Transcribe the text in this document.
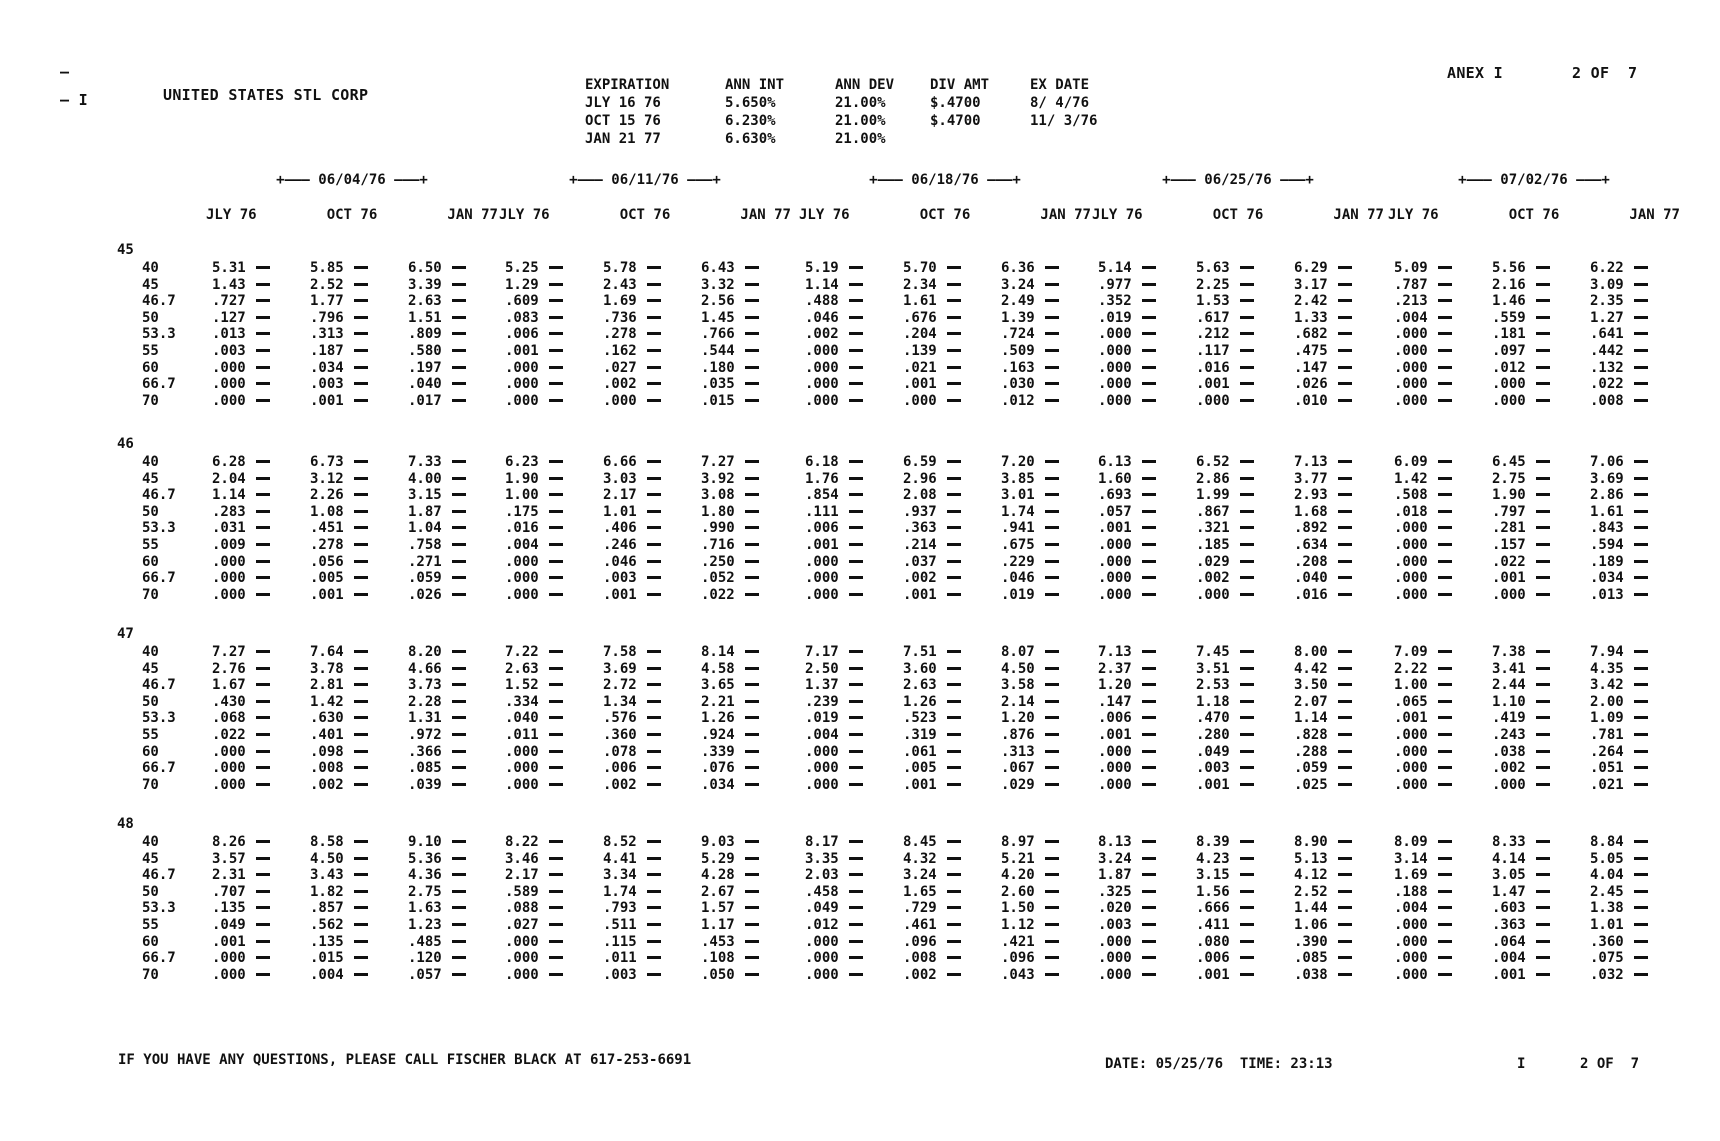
—
— I	UNITED STATES STL CORP
ANEX I	2 OF  7
EXPIRATION	ANN INT	ANN DEV	DIV AMT	EX DATE
JLY 16 76	5.650%	21.00%	$.4700	8/ 4/76
OCT 15 76	6.230%	21.00%	$.4700	11/ 3/76
JAN 21 77	6.630%	21.00%
+——— 06/04/76 ———+
JLY 76	OCT 76	JAN 77
+——— 06/11/76 ———+
JLY 76	OCT 76	JAN 77
+——— 06/18/76 ———+
JLY 76	OCT 76	JAN 77
+——— 06/25/76 ———+
JLY 76	OCT 76	JAN 77
+——— 07/02/76 ———+
JLY 76	OCT 76	JAN 77
45
40	5.31	5.85	6.50	5.25	5.78	6.43	5.19	5.70	6.36	5.14	5.63	6.29	5.09	5.56	6.22
45	1.43	2.52	3.39	1.29	2.43	3.32	1.14	2.34	3.24	.977	2.25	3.17	.787	2.16	3.09
46.7	.727	1.77	2.63	.609	1.69	2.56	.488	1.61	2.49	.352	1.53	2.42	.213	1.46	2.35
50	.127	.796	1.51	.083	.736	1.45	.046	.676	1.39	.019	.617	1.33	.004	.559	1.27
53.3	.013	.313	.809	.006	.278	.766	.002	.204	.724	.000	.212	.682	.000	.181	.641
55	.003	.187	.580	.001	.162	.544	.000	.139	.509	.000	.117	.475	.000	.097	.442
60	.000	.034	.197	.000	.027	.180	.000	.021	.163	.000	.016	.147	.000	.012	.132
66.7	.000	.003	.040	.000	.002	.035	.000	.001	.030	.000	.001	.026	.000	.000	.022
70	.000	.001	.017	.000	.000	.015	.000	.000	.012	.000	.000	.010	.000	.000	.008
46
40	6.28	6.73	7.33	6.23	6.66	7.27	6.18	6.59	7.20	6.13	6.52	7.13	6.09	6.45	7.06
45	2.04	3.12	4.00	1.90	3.03	3.92	1.76	2.96	3.85	1.60	2.86	3.77	1.42	2.75	3.69
46.7	1.14	2.26	3.15	1.00	2.17	3.08	.854	2.08	3.01	.693	1.99	2.93	.508	1.90	2.86
50	.283	1.08	1.87	.175	1.01	1.80	.111	.937	1.74	.057	.867	1.68	.018	.797	1.61
53.3	.031	.451	1.04	.016	.406	.990	.006	.363	.941	.001	.321	.892	.000	.281	.843
55	.009	.278	.758	.004	.246	.716	.001	.214	.675	.000	.185	.634	.000	.157	.594
60	.000	.056	.271	.000	.046	.250	.000	.037	.229	.000	.029	.208	.000	.022	.189
66.7	.000	.005	.059	.000	.003	.052	.000	.002	.046	.000	.002	.040	.000	.001	.034
70	.000	.001	.026	.000	.001	.022	.000	.001	.019	.000	.000	.016	.000	.000	.013
47
40	7.27	7.64	8.20	7.22	7.58	8.14	7.17	7.51	8.07	7.13	7.45	8.00	7.09	7.38	7.94
45	2.76	3.78	4.66	2.63	3.69	4.58	2.50	3.60	4.50	2.37	3.51	4.42	2.22	3.41	4.35
46.7	1.67	2.81	3.73	1.52	2.72	3.65	1.37	2.63	3.58	1.20	2.53	3.50	1.00	2.44	3.42
50	.430	1.42	2.28	.334	1.34	2.21	.239	1.26	2.14	.147	1.18	2.07	.065	1.10	2.00
53.3	.068	.630	1.31	.040	.576	1.26	.019	.523	1.20	.006	.470	1.14	.001	.419	1.09
55	.022	.401	.972	.011	.360	.924	.004	.319	.876	.001	.280	.828	.000	.243	.781
60	.000	.098	.366	.000	.078	.339	.000	.061	.313	.000	.049	.288	.000	.038	.264
66.7	.000	.008	.085	.000	.006	.076	.000	.005	.067	.000	.003	.059	.000	.002	.051
70	.000	.002	.039	.000	.002	.034	.000	.001	.029	.000	.001	.025	.000	.000	.021
48
40	8.26	8.58	9.10	8.22	8.52	9.03	8.17	8.45	8.97	8.13	8.39	8.90	8.09	8.33	8.84
45	3.57	4.50	5.36	3.46	4.41	5.29	3.35	4.32	5.21	3.24	4.23	5.13	3.14	4.14	5.05
46.7	2.31	3.43	4.36	2.17	3.34	4.28	2.03	3.24	4.20	1.87	3.15	4.12	1.69	3.05	4.04
50	.707	1.82	2.75	.589	1.74	2.67	.458	1.65	2.60	.325	1.56	2.52	.188	1.47	2.45
53.3	.135	.857	1.63	.088	.793	1.57	.049	.729	1.50	.020	.666	1.44	.004	.603	1.38
55	.049	.562	1.23	.027	.511	1.17	.012	.461	1.12	.003	.411	1.06	.000	.363	1.01
60	.001	.135	.485	.000	.115	.453	.000	.096	.421	.000	.080	.390	.000	.064	.360
66.7	.000	.015	.120	.000	.011	.108	.000	.008	.096	.000	.006	.085	.000	.004	.075
70	.000	.004	.057	.000	.003	.050	.000	.002	.043	.000	.001	.038	.000	.001	.032
IF YOU HAVE ANY QUESTIONS, PLEASE CALL FISCHER BLACK AT 617-253-6691	DATE: 05/25/76  TIME: 23:13	I	2 OF  7
